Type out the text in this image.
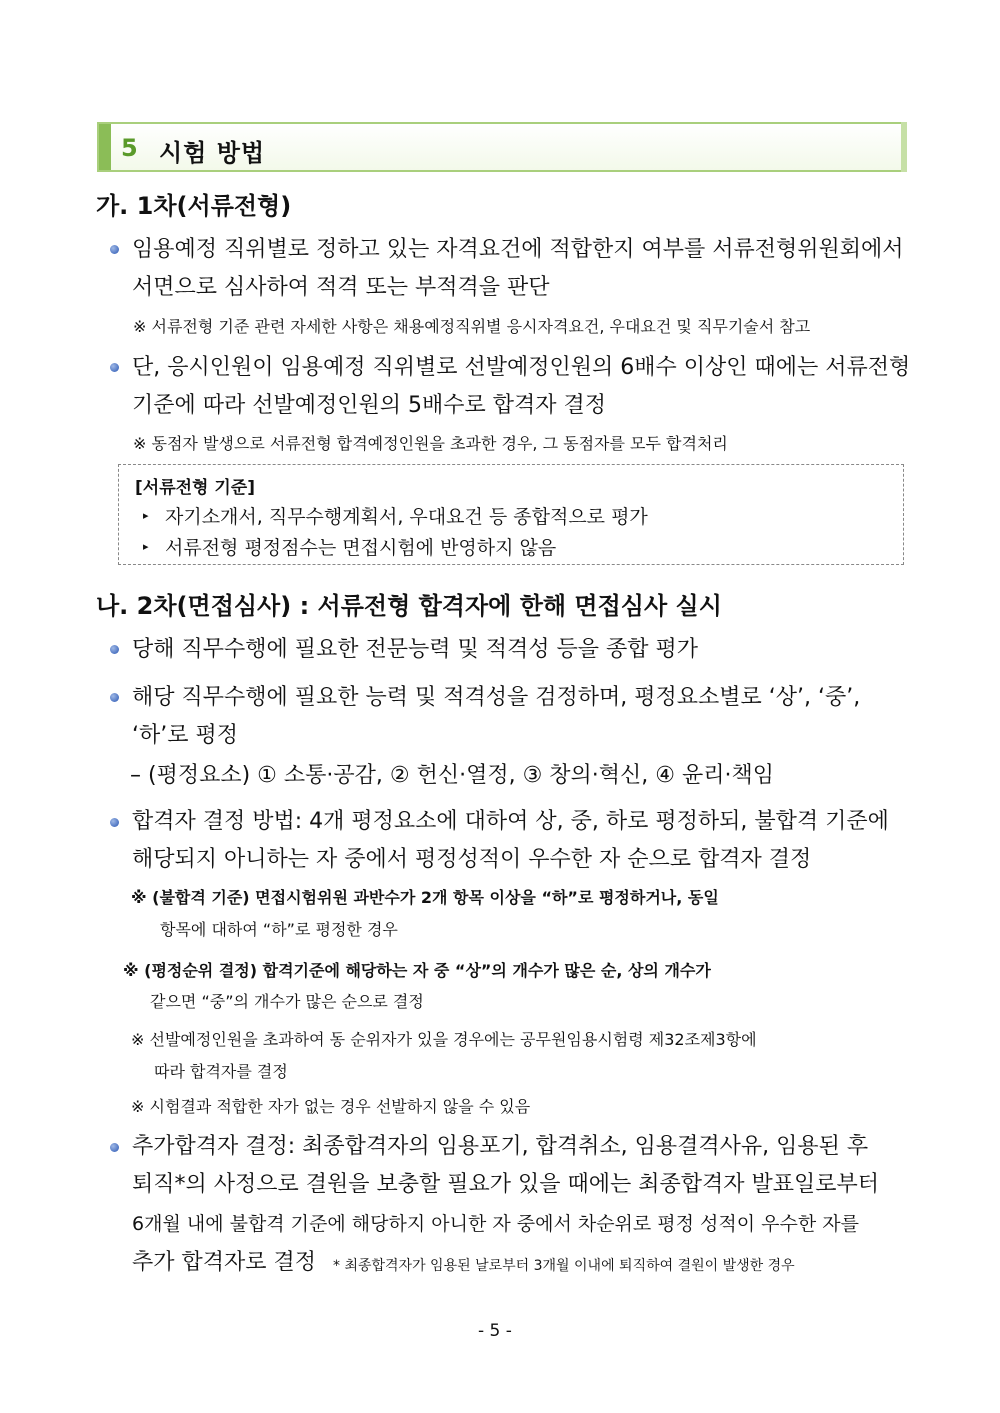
5 시험 방법
가. 1차(서류전형)
임용예정 직위별로 정하고 있는 자격요건에 적합한지 여부를 서류전형위원회에서
서면으로 심사하여 적격 또는 부적격을 판단
※ 서류전형 기준 관련 자세한 사항은 채용예정직위별 응시자격요건, 우대요건 및 직무기술서 참고
단, 응시인원이 임용예정 직위별로 선발예정인원의 6배수 이상인 때에는 서류전형
기준에 따라 선발예정인원의 5배수로 합격자 결정
※ 동점자 발생으로 서류전형 합격예정인원을 초과한 경우, 그 동점자를 모두 합격처리
[서류전형 기준]
▸ 자기소개서, 직무수행계획서, 우대요건 등 종합적으로 평가
▸ 서류전형 평정점수는 면접시험에 반영하지 않음
나. 2차(면접심사) : 서류전형 합격자에 한해 면접심사 실시
당해 직무수행에 필요한 전문능력 및 적격성 등을 종합 평가
해당 직무수행에 필요한 능력 및 적격성을 검정하며, 평정요소별로 ‘상’, ‘중’,
‘하’로 평정
– (평정요소) ① 소통·공감, ② 헌신·열정, ③ 창의·혁신, ④ 윤리·책임
합격자 결정 방법: 4개 평정요소에 대하여 상, 중, 하로 평정하되, 불합격 기준에
해당되지 아니하는 자 중에서 평정성적이 우수한 자 순으로 합격자 결정
※ (불합격 기준) 면접시험위원 과반수가 2개 항목 이상을 “하”로 평정하거나, 동일
항목에 대하여 “하”로 평정한 경우
※ (평정순위 결정) 합격기준에 해당하는 자 중 “상”의 개수가 많은 순, 상의 개수가
같으면 “중”의 개수가 많은 순으로 결정
※ 선발예정인원을 초과하여 동 순위자가 있을 경우에는 공무원임용시험령 제32조제3항에
따라 합격자를 결정
※ 시험결과 적합한 자가 없는 경우 선발하지 않을 수 있음
추가합격자 결정: 최종합격자의 임용포기, 합격취소, 임용결격사유, 임용된 후
퇴직*의 사정으로 결원을 보충할 필요가 있을 때에는 최종합격자 발표일로부터
6개월 내에 불합격 기준에 해당하지 아니한 자 중에서 차순위로 평정 성적이 우수한 자를
추가 합격자로 결정 * 최종합격자가 임용된 날로부터 3개월 이내에 퇴직하여 결원이 발생한 경우
- 5 -
